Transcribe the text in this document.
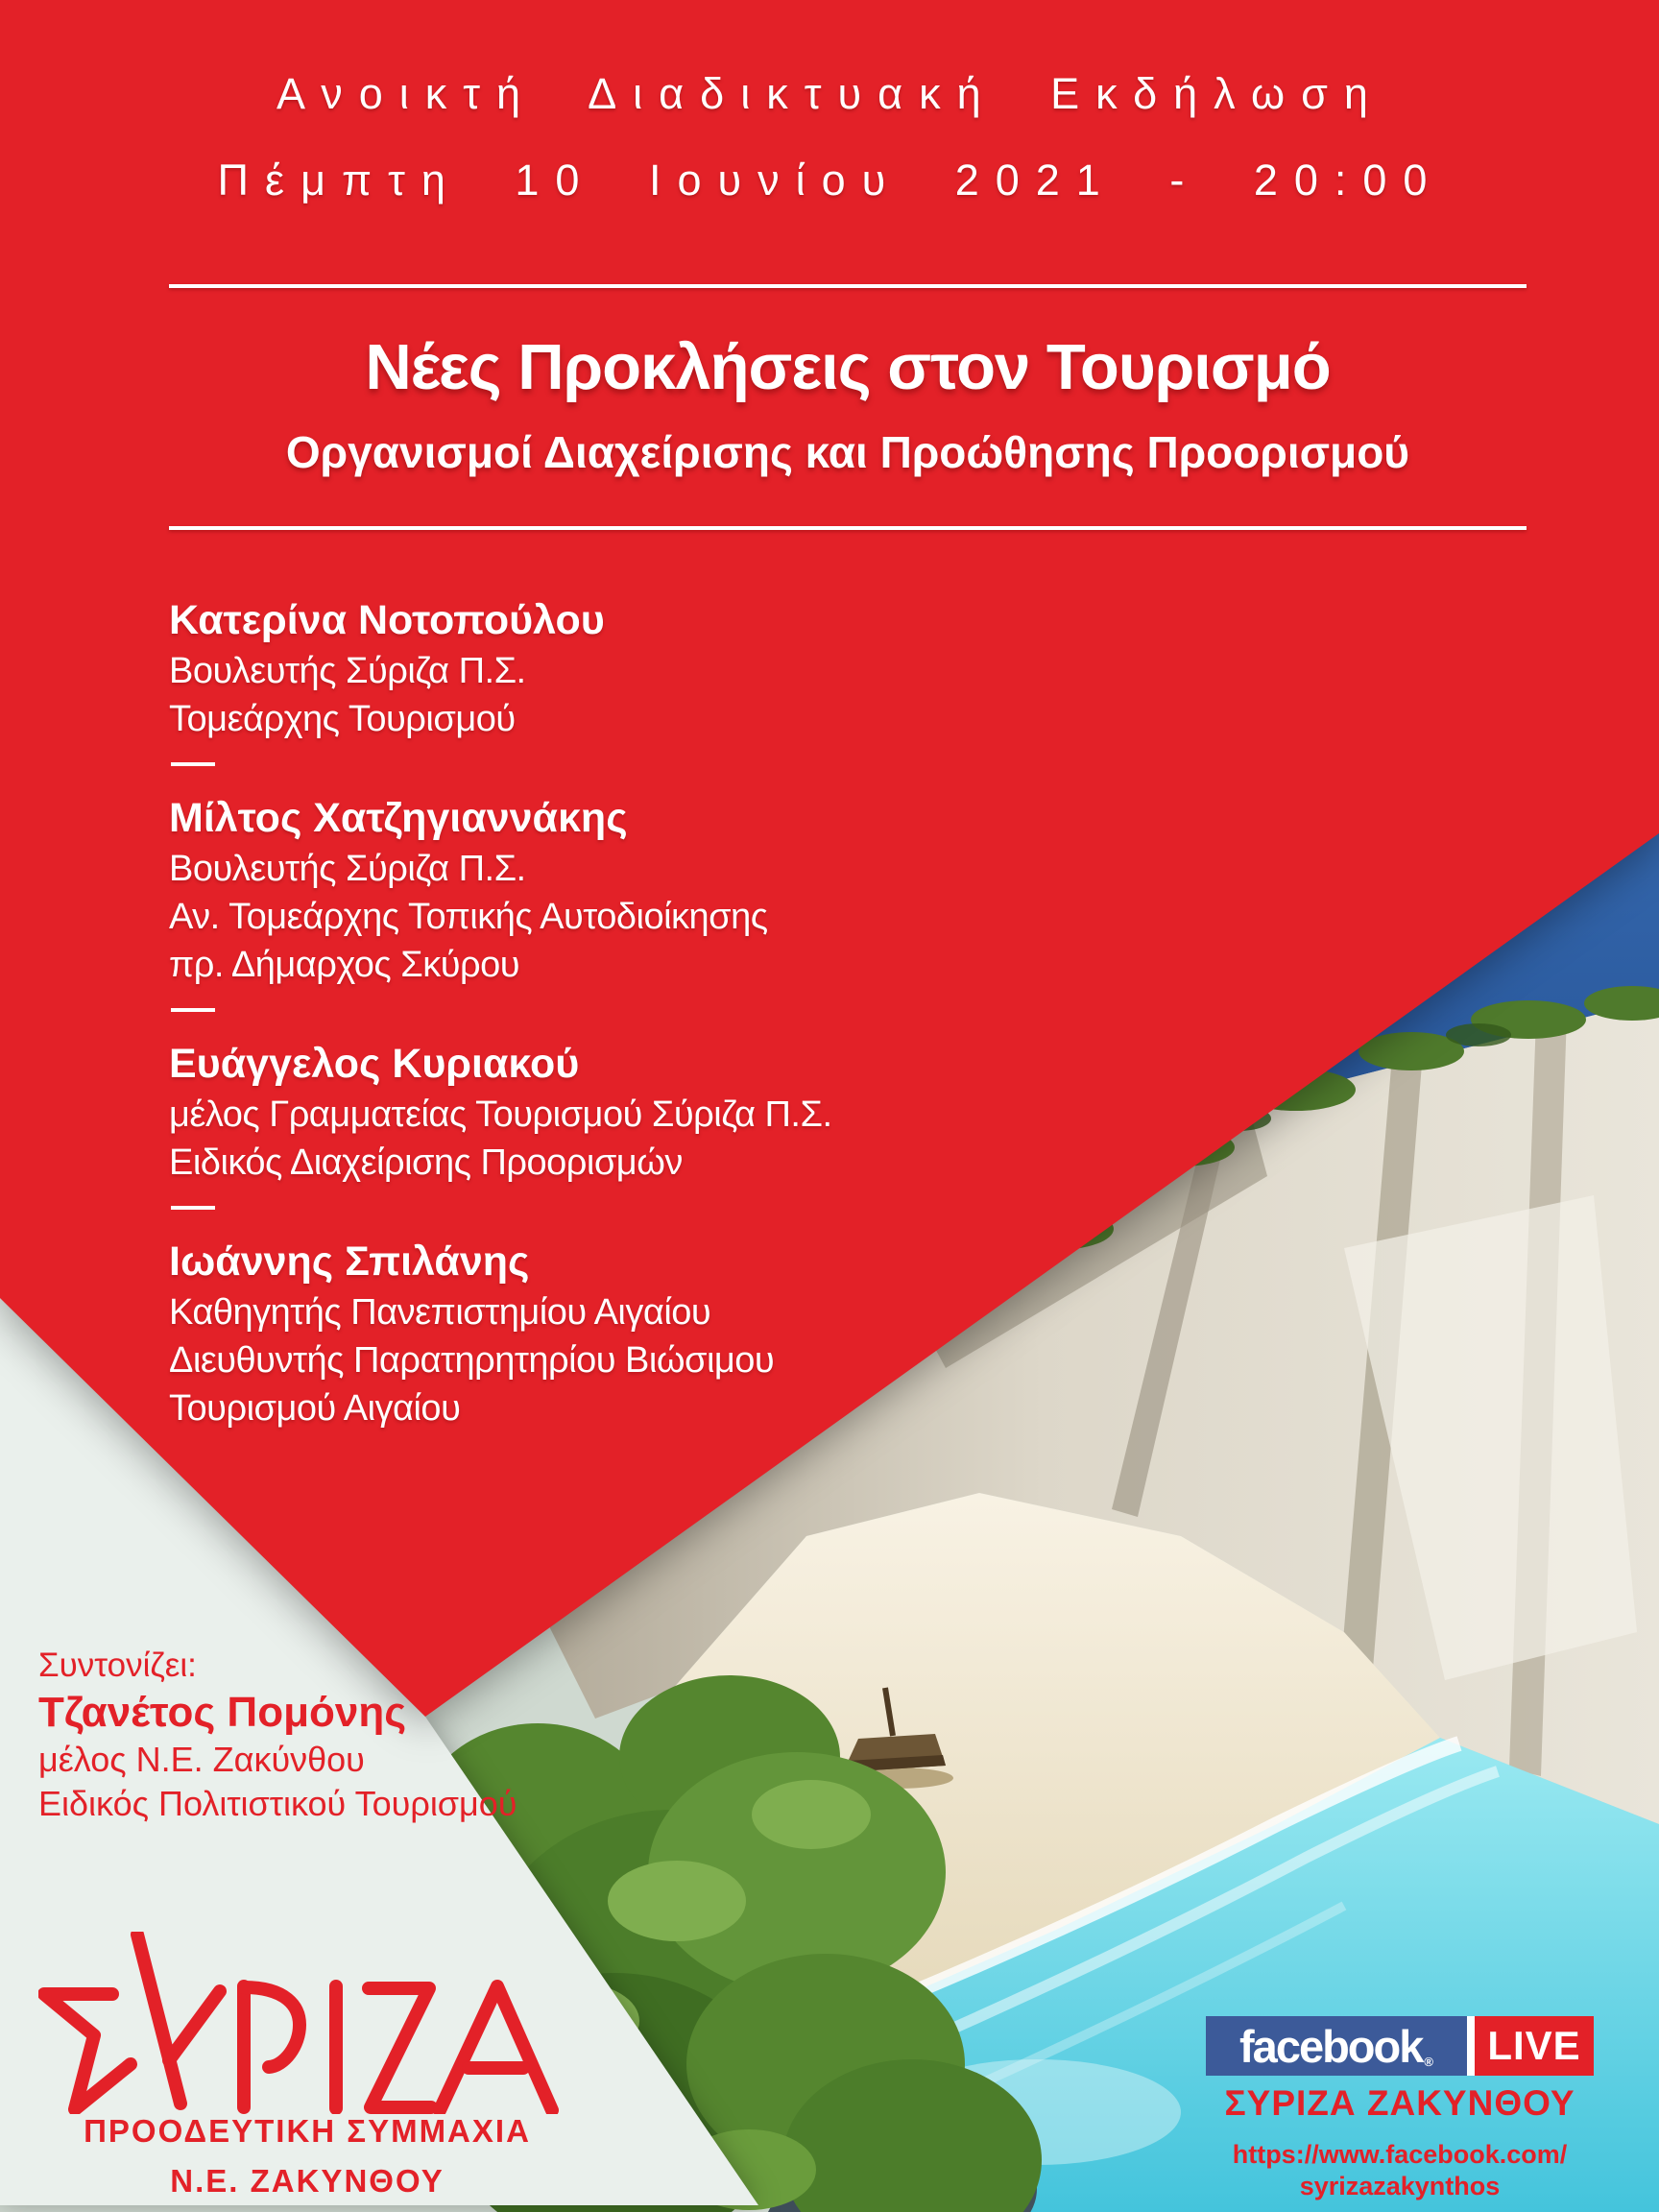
Ανοικτή Διαδικτυακή Εκδήλωση
Πέμπτη 10 Ιουνίου 2021 - 20:00
Νέες Προκλήσεις στον Τουρισμό
Οργανισμοί Διαχείρισης και Προώθησης Προορισμού
Κατερίνα Νοτοπούλου
Βουλευτής Σύριζα Π.Σ.
Τομεάρχης Τουρισμού
Μίλτος Χατζηγιαννάκης
Βουλευτής Σύριζα Π.Σ.
Αν. Τομεάρχης Τοπικής Αυτοδιοίκησης
πρ. Δήμαρχος Σκύρου
Ευάγγελος Κυριακού
μέλος Γραμματείας Τουρισμού Σύριζα Π.Σ.
Ειδικός Διαχείρισης Προορισμών
Ιωάννης Σπιλάνης
Καθηγητής Πανεπιστημίου Αιγαίου
Διευθυντής Παρατηρητηρίου Βιώσιμου
Τουρισμού Αιγαίου
Συντονίζει:
Τζανέτος Πομόνης
μέλος Ν.Ε. Ζακύνθου
Ειδικός Πολιτιστικού Τουρισμού
ΠΡΟΟΔΕΥΤΙΚΗ ΣΥΜΜΑΧΙΑ
Ν.Ε. ΖΑΚΥΝΘΟΥ
facebook ® LIVE
ΣΥΡΙΖΑ ΖΑΚΥΝΘΟΥ
https://www.facebook.com/
syrizazakynthos
